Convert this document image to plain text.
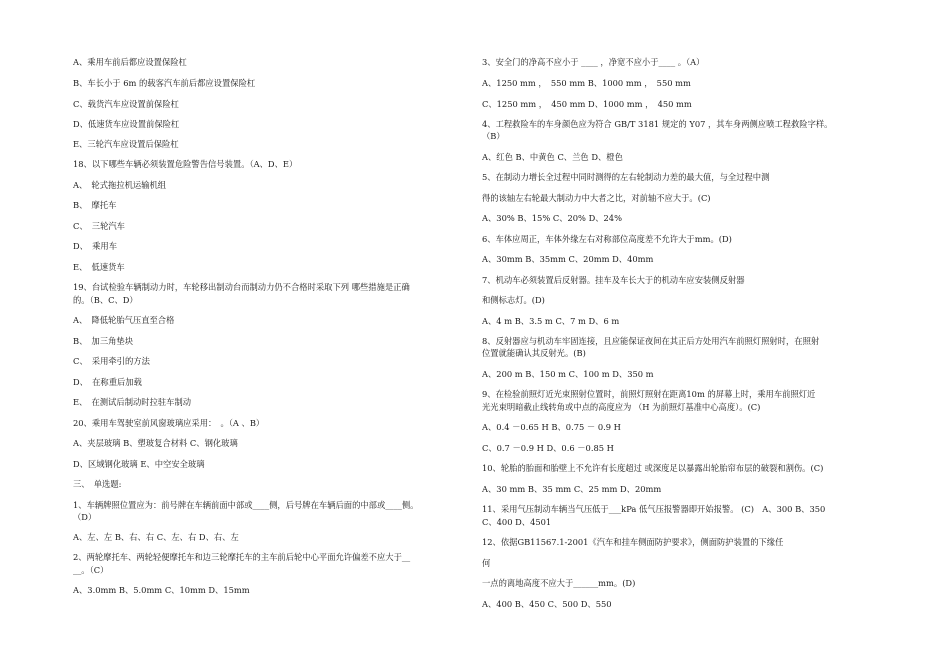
A、乘用车前后都应设置保险杠
B、车长小于 6m 的载客汽车前后都应设置保险杠
C、载货汽车应设置前保险杠
D、低速货车应设置前保险杠
E、三轮汽车应设置后保险杠
18、以下哪些车辆必须装置危险警告信号装置。（A、D、E）
A、　轮式拖拉机运输机组
B、　摩托车
C、　三轮汽车
D、　乘用车
E、　低速货车
19、台试检验车辆制动力时，车轮移出制动台而制动力仍不合格时采取下列 哪些措施是正确
的。（B、C、D）
A、　降低轮胎气压直至合格
B、　加三角垫块
C、　采用牵引的方法
D、　在称重后加载
E、　在测试后制动时拉驻车制动
20、乘用车驾驶室前风窗玻璃应采用：　。（A 、B）
A、夹层玻璃 B、塑玻复合材料 C、钢化玻璃
D、区域钢化玻璃 E、中空安全玻璃
三、　单选题:
1、车辆牌照位置应为：前号牌在车辆前面中部或____侧，后号牌在车辆后面的中部或____侧。
（D）
A、左、左 B、右、右 C、左、右 D、右、左
2、两轮摩托车、两轮轻便摩托车和边三轮摩托车的主车前后轮中心平面允许偏差不应大于__
__。（C）
A、3.0mm B、5.0mm C、10mm D、15mm
3、安全门的净高不应小于 ____ ，净宽不应小于____ 。（A）
A、1250 mm ，　550 mm B、1000 mm ，　550 mm
C、1250 mm ，　450 mm D、1000 mm ，　450 mm
4、工程救险车的车身颜色应为符合 GB/T 3181 规定的 Y07 ，其车身两侧应喷工程救险字样。
（B）
A、红色 B、中黄色 C、兰色 D、橙色
5、在制动力增长全过程中同时测得的左右轮制动力差的最大值，与全过程中测
得的该轴左右轮最大制动力中大者之比，对前轴不应大于。(C)
A、30% B、15% C、20% D、24%
6、车体应周正，车体外缘左右对称部位高度差不允许大于mm。(D)
A、30mm B、35mm C、20mm D、40mm
7、机动车必须装置后反射器。挂车及车长大于的机动车应安装侧反射器
和侧标志灯。(D)
A、4 m B、3.5 m C、7 m D、6 m
8、反射器应与机动车牢固连接，且应能保证夜间在其正后方处用汽车前照灯照射时，在照射
位置就能确认其反射光。(B)
A、200 m B、150 m C、100 m D、350 m
9、在检验前照灯近光束照射位置时，前照灯照射在距离10m 的屏幕上时，乘用车前照灯近
光光束明暗截止线转角或中点的高度应为 （H 为前照灯基准中心高度）。(C)
A、0.4 －0.65 H B、0.75 － 0.9 H
C、0.7 －0.9 H D、0.6 －0.85 H
10、轮胎的胎面和胎壁上不允许有长度超过 或深度足以暴露出轮胎帘布层的破裂和割伤。(C)
A、30 mm B、35 mm C、25 mm D、20mm
11、采用气压制动车辆当气压低于___kPa 低气压报警器即开始报警。 (C)　A、300 B、350
C、400 D、4501
12、依据GB11567.1-2001《汽车和挂车侧面防护要求》，侧面防护装置的下缘任
何
一点的离地高度不应大于______mm。(D)
A、400 B、450 C、500 D、550
